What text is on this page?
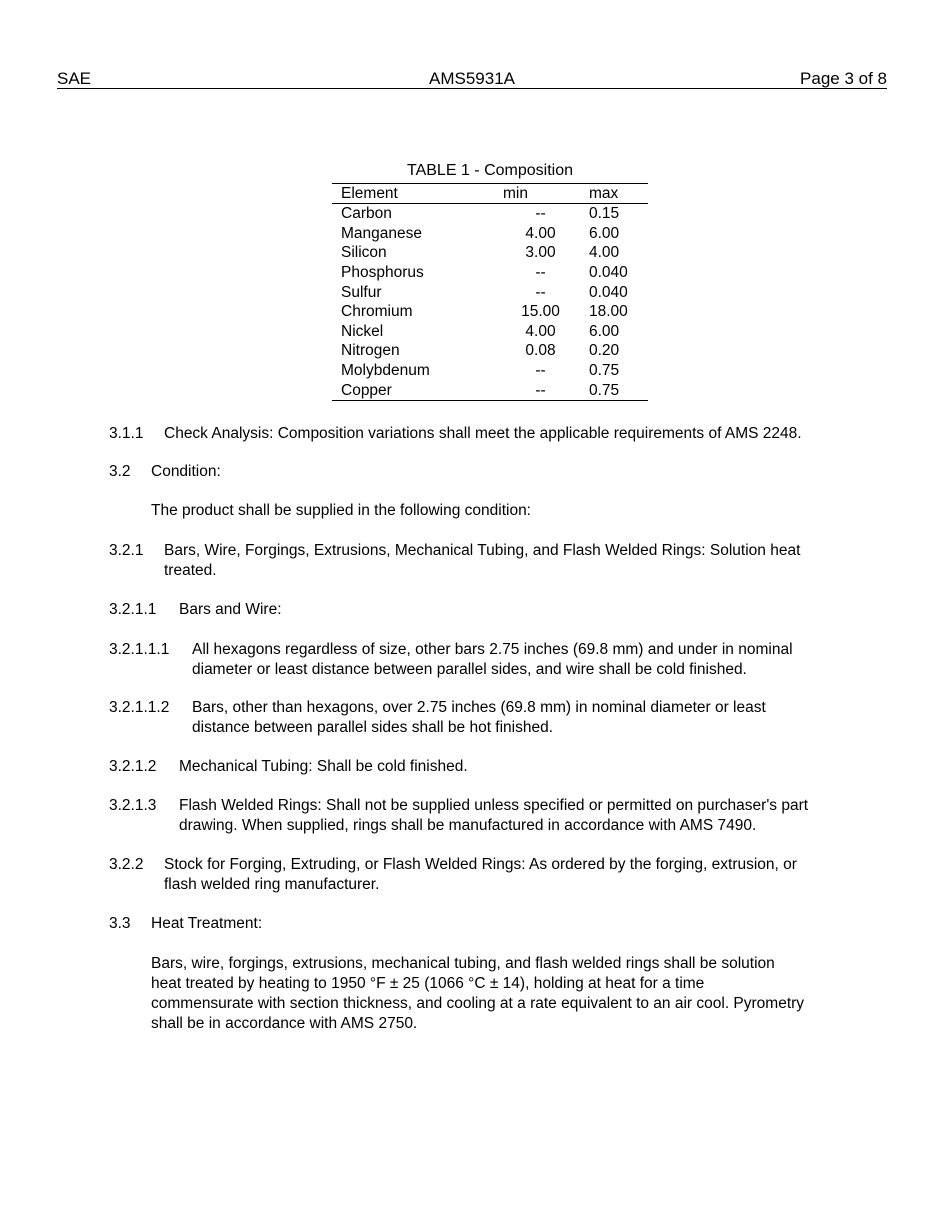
SAE	AMS5931A	Page 3 of 8
TABLE 1 - Composition
Element	min	max
Carbon	--	0.15
Manganese	4.00	6.00
Silicon	3.00	4.00
Phosphorus	--	0.040
Sulfur	--	0.040
Chromium	15.00	18.00
Nickel	4.00	6.00
Nitrogen	0.08	0.20
Molybdenum	--	0.75
Copper	--	0.75
3.1.1 Check Analysis: Composition variations shall meet the applicable requirements of AMS 2248.
3.2 Condition:
The product shall be supplied in the following condition:
3.2.1 Bars, Wire, Forgings, Extrusions, Mechanical Tubing, and Flash Welded Rings: Solution heat
treated.
3.2.1.1 Bars and Wire:
3.2.1.1.1 All hexagons regardless of size, other bars 2.75 inches (69.8 mm) and under in nominal
diameter or least distance between parallel sides, and wire shall be cold finished.
3.2.1.1.2 Bars, other than hexagons, over 2.75 inches (69.8 mm) in nominal diameter or least
distance between parallel sides shall be hot finished.
3.2.1.2 Mechanical Tubing: Shall be cold finished.
3.2.1.3 Flash Welded Rings: Shall not be supplied unless specified or permitted on purchaser's part
drawing. When supplied, rings shall be manufactured in accordance with AMS 7490.
3.2.2 Stock for Forging, Extruding, or Flash Welded Rings: As ordered by the forging, extrusion, or
flash welded ring manufacturer.
3.3 Heat Treatment:
Bars, wire, forgings, extrusions, mechanical tubing, and flash welded rings shall be solution
heat treated by heating to 1950 °F ± 25 (1066 °C ± 14), holding at heat for a time
commensurate with section thickness, and cooling at a rate equivalent to an air cool. Pyrometry
shall be in accordance with AMS 2750.
